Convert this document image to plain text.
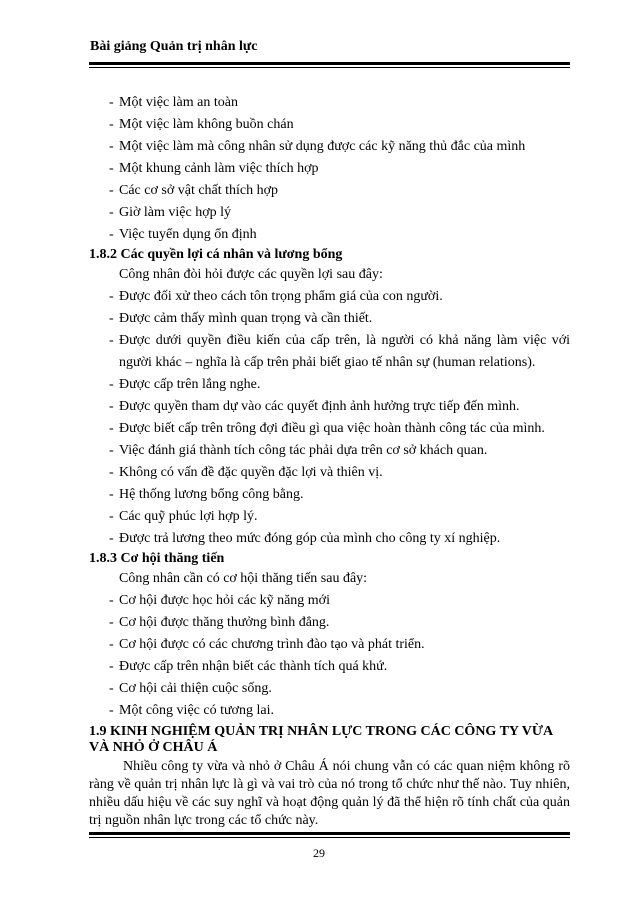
Bài giảng Quản trị nhân lực
- Một việc làm an toàn
- Một việc làm không buồn chán
- Một việc làm mà công nhân sử dụng được các kỹ năng thủ đắc của mình
- Một khung cảnh làm việc thích hợp
- Các cơ sở vật chất thích hợp
- Giờ làm việc hợp lý
- Việc tuyển dụng ổn định
1.8.2 Các quyền lợi cá nhân và lương bổng
Công nhân đòi hỏi được các quyền lợi sau đây:
- Được đối xử theo cách tôn trọng phẩm giá của con người.
- Được cảm thấy mình quan trọng và cần thiết.
- Được dưới quyền điều kiến của cấp trên, là người có khả năng làm việc với người khác – nghĩa là cấp trên phải biết giao tế nhân sự (human relations).
- Được cấp trên lắng nghe.
- Được quyền tham dự vào các quyết định ảnh hưởng trực tiếp đến mình.
- Được biết cấp trên trông đợi điều gì qua việc hoàn thành công tác của mình.
- Việc đánh giá thành tích công tác phải dựa trên cơ sở khách quan.
- Không có vấn đề đặc quyền đặc lợi và thiên vị.
- Hệ thống lương bổng công bằng.
- Các quỹ phúc lợi hợp lý.
- Được trả lương theo mức đóng góp của mình cho công ty xí nghiệp.
1.8.3 Cơ hội thăng tiến
Công nhân cần có cơ hội thăng tiến sau đây:
- Cơ hội được học hỏi các kỹ năng mới
- Cơ hội được thăng thưởng bình đẳng.
- Cơ hội được có các chương trình đào tạo và phát triển.
- Được cấp trên nhận biết các thành tích quá khứ.
- Cơ hội cải thiện cuộc sống.
- Một công việc có tương lai.
1.9 KINH NGHIỆM QUẢN TRỊ NHÂN LỰC TRONG CÁC CÔNG TY VỪA VÀ NHỎ Ở CHÂU Á

Nhiều công ty vừa và nhỏ ở Châu Á nói chung vẫn có các quan niệm không rõ ràng về quản trị nhân lực là gì và vai trò của nó trong tổ chức như thế nào. Tuy nhiên, nhiều dấu hiệu về các suy nghĩ và hoạt động quản lý đã thể hiện rõ tính chất của quản trị nguồn nhân lực trong các tổ chức này.

29
